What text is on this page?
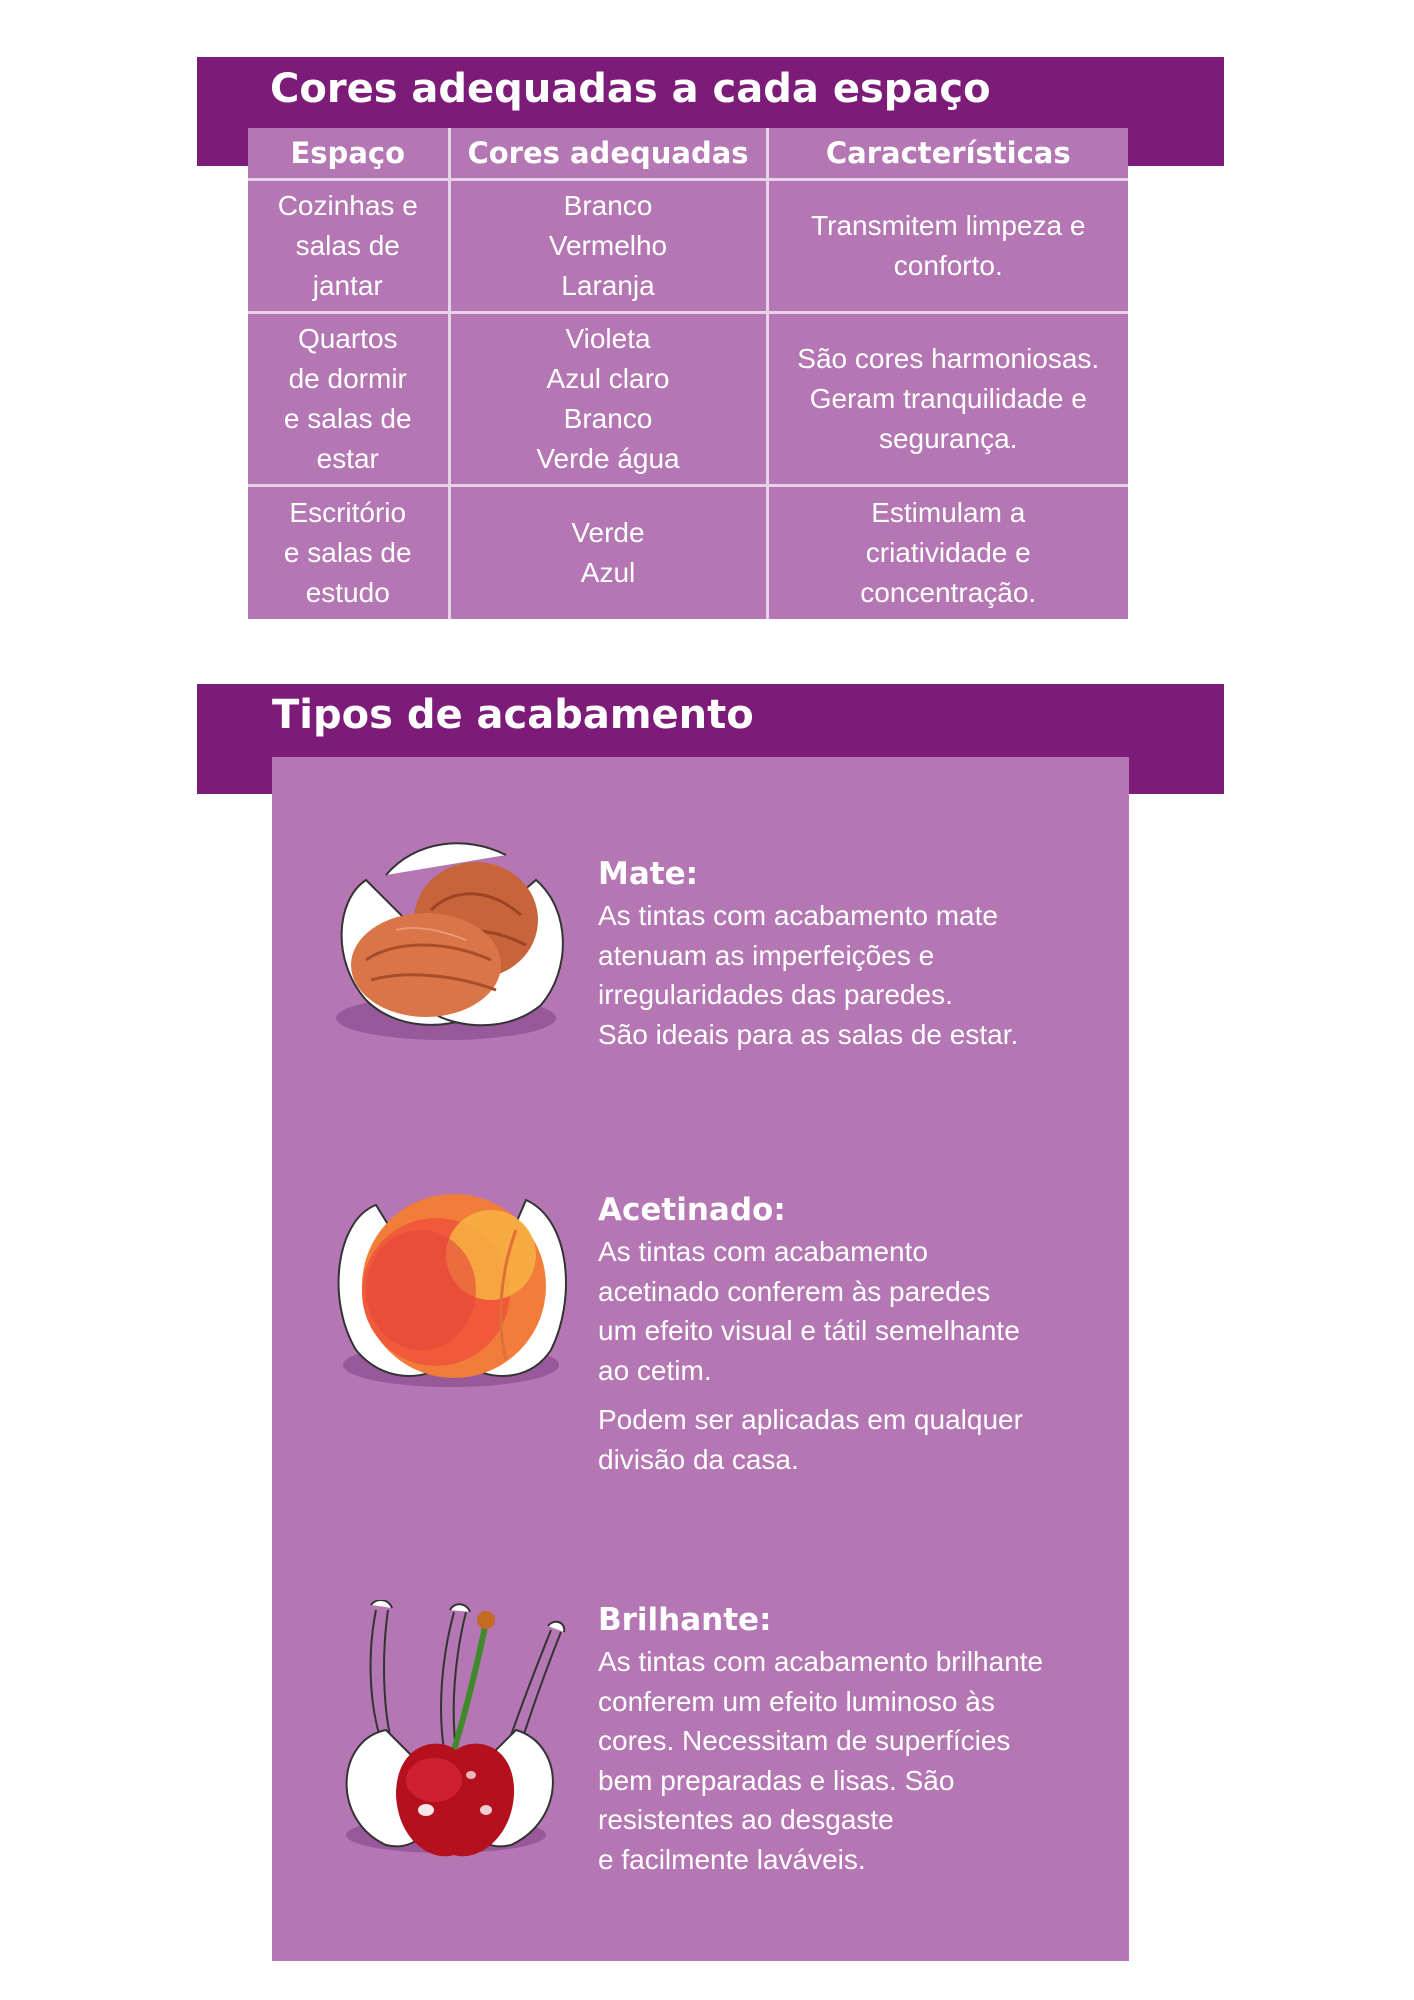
Cores adequadas a cada espaço
Espaço	Cores adequadas	Características

Cozinhas e
salas de
jantar	Branco
Vermelho
Laranja	Transmitem limpeza e
conforto.

Quartos
de dormir
e salas de
estar	Violeta
Azul claro
Branco
Verde água	São cores harmoniosas.
Geram tranquilidade e
segurança.

Escritório
e salas de
estudo	Verde
Azul	Estimulam a
criatividade e
concentração.
Tipos de acabamento
Mate:
As tintas com acabamento mate
atenuam as imperfeições e
irregularidades das paredes.
São ideais para as salas de estar.
Acetinado:
As tintas com acabamento
acetinado conferem às paredes
um efeito visual e tátil semelhante
ao cetim.
Podem ser aplicadas em qualquer
divisão da casa.
Brilhante:
As tintas com acabamento brilhante
conferem um efeito luminoso às
cores. Necessitam de superfícies
bem preparadas e lisas. São
resistentes ao desgaste
e facilmente laváveis.
